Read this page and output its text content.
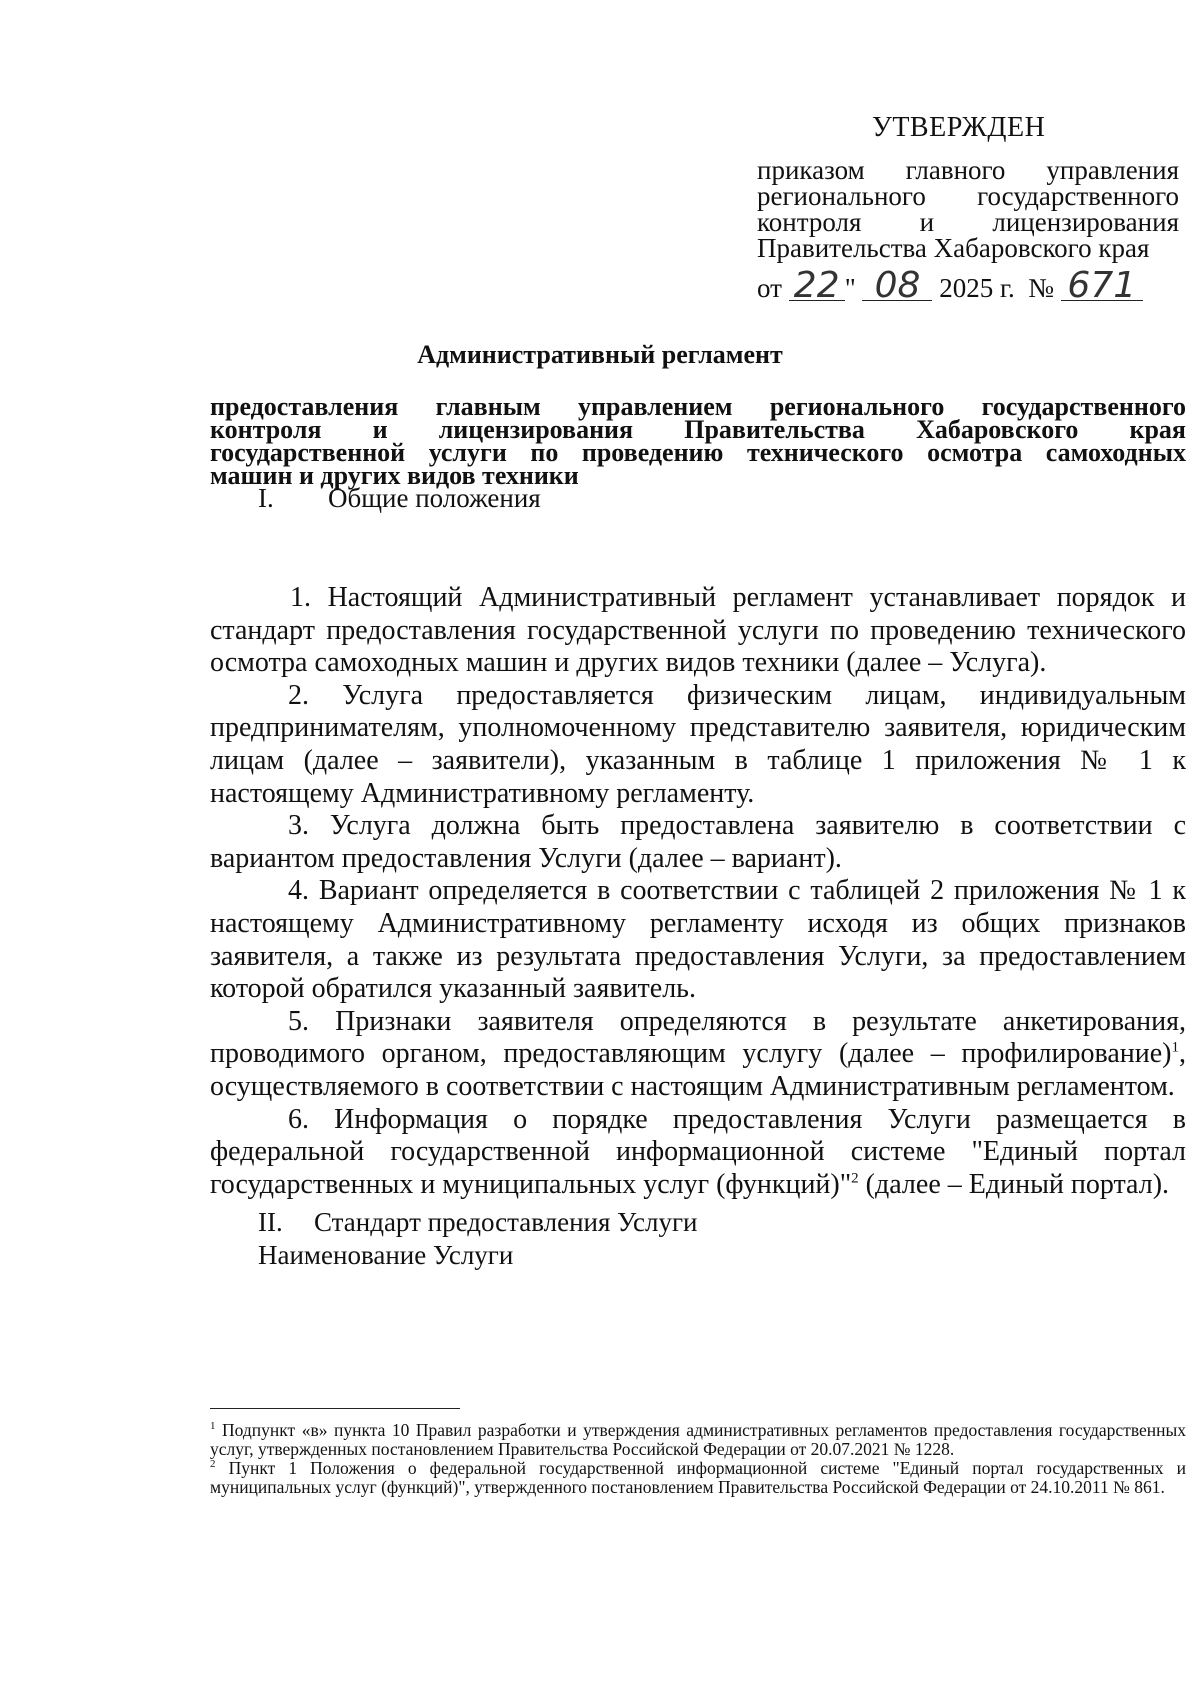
УТВЕРЖДЕН
приказом главного управления
регионального государственного
контроля и лицензирования
Правительства Хабаровского края
от 22 " 08 2025 г. № 671
Административный регламент
предоставления главным управлением регионального государственного
контроля и лицензирования Правительства Хабаровского края
государственной услуги по проведению технического осмотра самоходных
машин и других видов техники
I. Общие положения

1. Настоящий Административный регламент устанавливает порядок и стандарт предоставления государственной услуги по проведению технического осмотра самоходных машин и других видов техники (далее – Услуга).

2. Услуга предоставляется физическим лицам, индивидуальным предпринимателям, уполномоченному представителю заявителя, юридическим лицам (далее – заявители), указанным в таблице 1 приложения № 1 к настоящему Административному регламенту.

3. Услуга должна быть предоставлена заявителю в соответствии с вариантом предоставления Услуги (далее – вариант).

4. Вариант определяется в соответствии с таблицей 2 приложения № 1 к настоящему Административному регламенту исходя из общих признаков заявителя, а также из результата предоставления Услуги, за предоставлением которой обратился указанный заявитель.

5. Признаки заявителя определяются в результате анкетирования, проводимого органом, предоставляющим услугу (далее – профилирование)$^1$, осуществляемого в соответствии с настоящим Административным регламентом.

6. Информация о порядке предоставления Услуги размещается в федеральной государственной информационной системе "Единый портал государственных и муниципальных услуг (функций)"$^2$ (далее – Единый портал).

II. Стандарт предоставления Услуги
Наименование Услуги

$^1$ Подпункт «в» пункта 10 Правил разработки и утверждения административных регламентов предоставления государственных услуг, утвержденных постановлением Правительства Российской Федерации от 20.07.2021 № 1228.

$^2$ Пункт 1 Положения о федеральной государственной информационной системе "Единый портал государственных и муниципальных услуг (функций)", утвержденного постановлением Правительства Российской Федерации от 24.10.2011 № 861.
